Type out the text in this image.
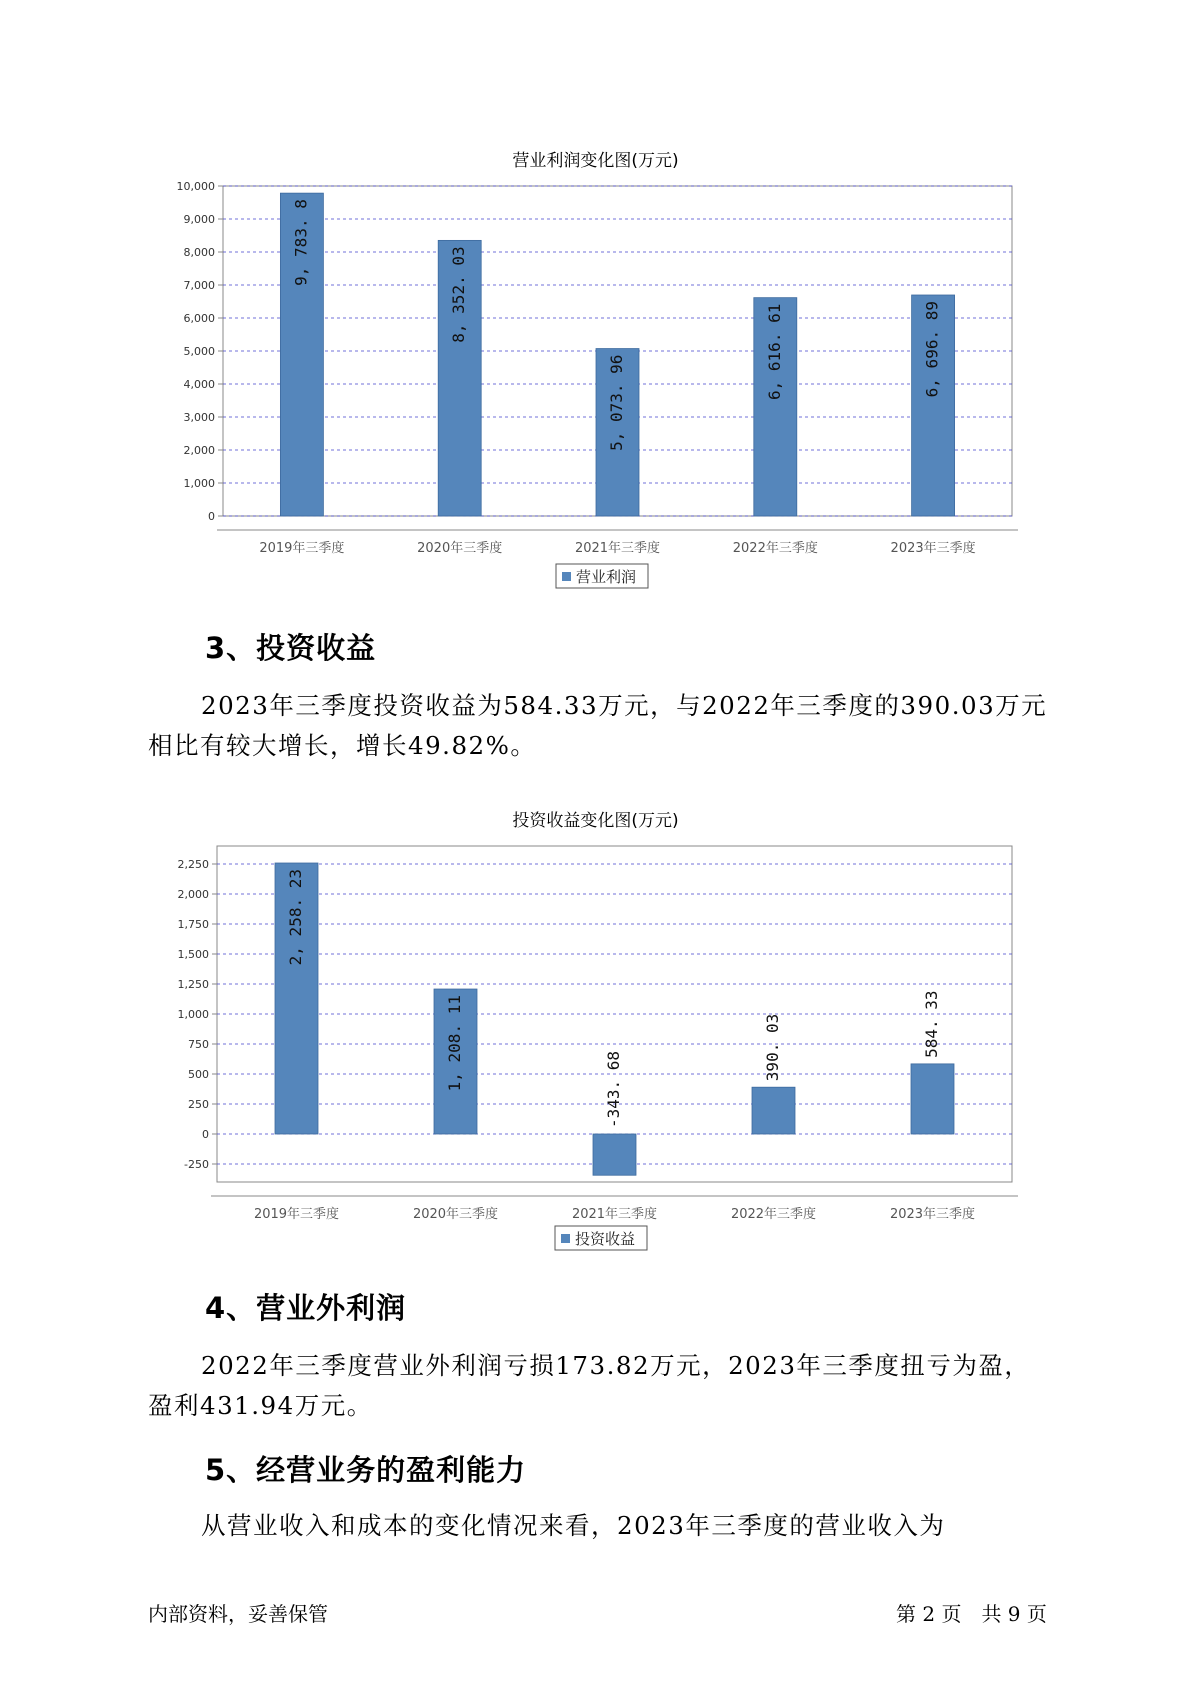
营业利润变化图(万元)
0
1,000
2,000
3,000
4,000
5,000
6,000
7,000
8,000
9,000
10,000
9, 783. 8
2019年三季度
8, 352. 03
2020年三季度
5, 073. 96
2021年三季度
6, 616. 61
2022年三季度
6, 696. 89
2023年三季度
营业利润
3、投资收益
2023年三季度投资收益为584.33万元，与2022年三季度的390.03万元
相比有较大增长，增长49.82%。
投资收益变化图(万元)
-250
0
250
500
750
1,000
1,250
1,500
1,750
2,000
2,250
2, 258. 23
2019年三季度
1, 208. 11
2020年三季度
-343. 68
2021年三季度
390. 03
2022年三季度
584. 33
2023年三季度
投资收益
4、营业外利润
2022年三季度营业外利润亏损173.82万元，2023年三季度扭亏为盈，
盈利431.94万元。
5、经营业务的盈利能力
从营业收入和成本的变化情况来看，2023年三季度的营业收入为
内部资料，妥善保管	第 2 页　共 9 页
